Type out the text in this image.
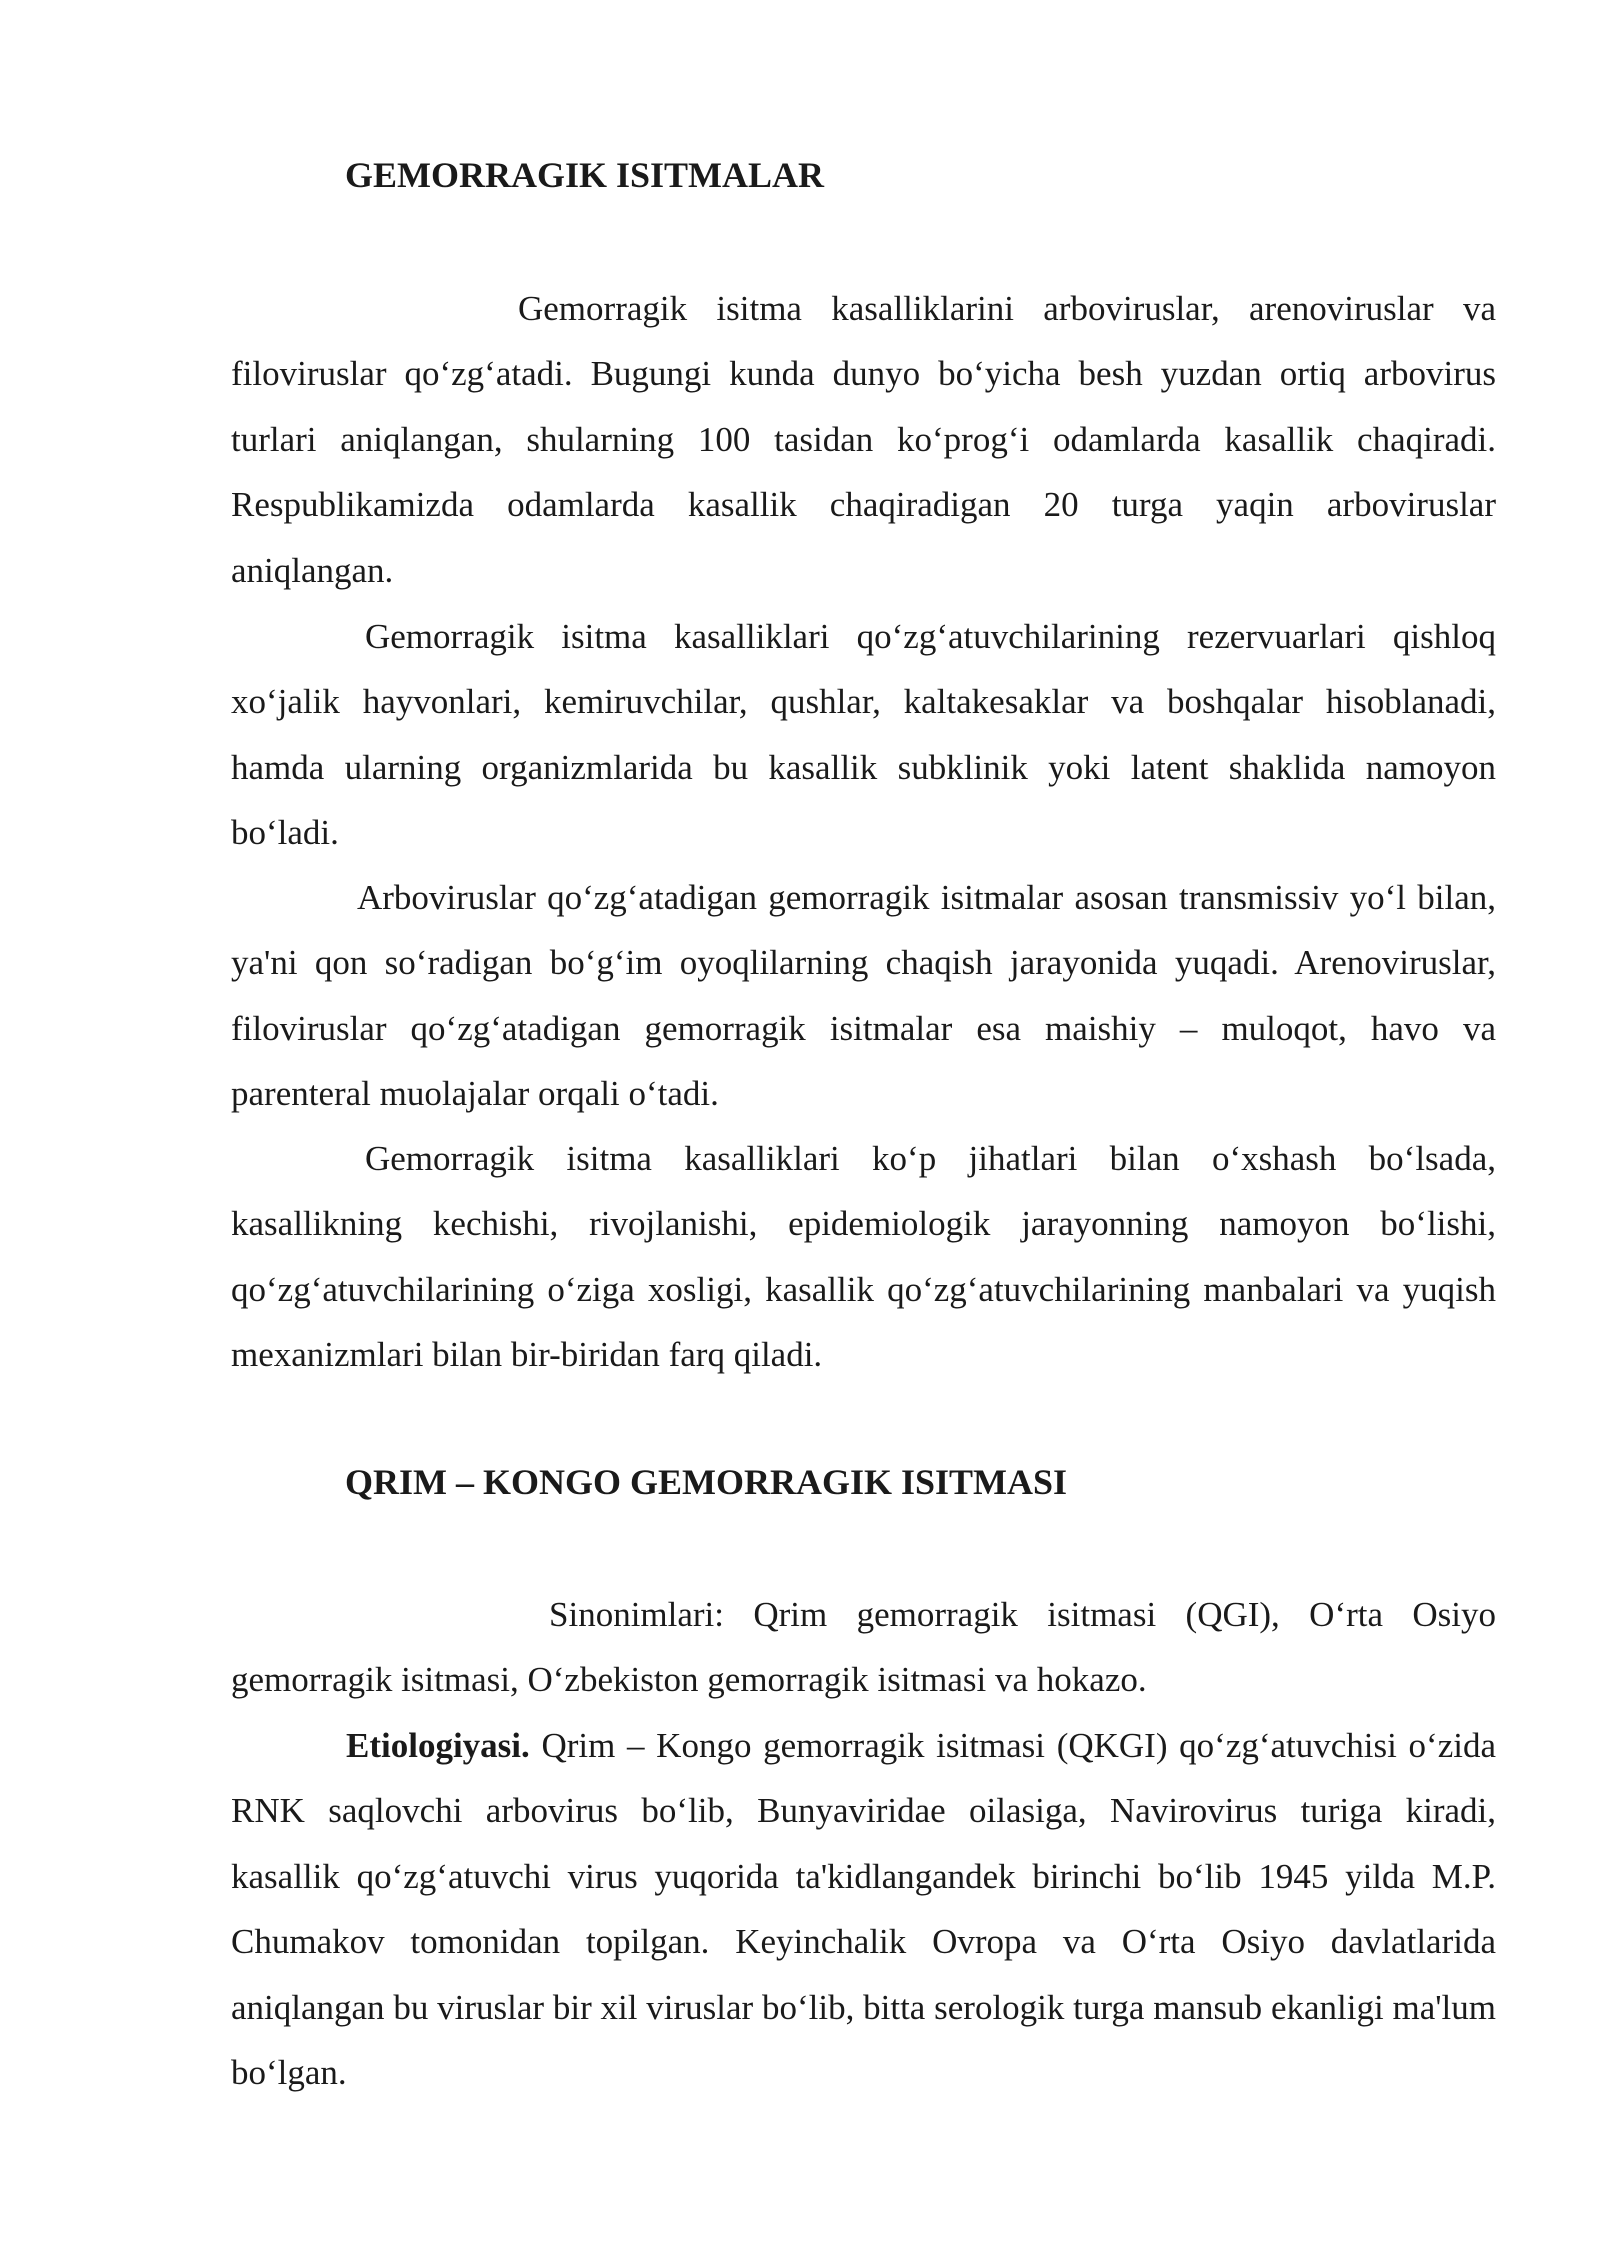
GEMORRAGIK ISITMALAR

Gemorragik isitma kasalliklarini arboviruslar, arenoviruslar va filoviruslar qo‘zg‘atadi. Bugungi kunda dunyo bo‘yicha besh yuzdan ortiq arbovirus turlari aniqlangan, shularning 100 tasidan ko‘prog‘i odamlarda kasallik chaqiradi. Respublikamizda odamlarda kasallik chaqiradigan 20 turga yaqin arboviruslar aniqlangan.

Gemorragik isitma kasalliklari qo‘zg‘atuvchilarining rezervuarlari qishloq xo‘jalik hayvonlari, kemiruvchilar, qushlar, kaltakesaklar va boshqalar hisoblanadi, hamda ularning organizmlarida bu kasallik subklinik yoki latent shaklida namoyon bo‘ladi.

Arboviruslar qo‘zg‘atadigan gemorragik isitmalar asosan transmissiv yo‘l bilan, ya'ni qon so‘radigan bo‘g‘im oyoqlilarning chaqish jarayonida yuqadi. Arenoviruslar, filoviruslar qo‘zg‘atadigan gemorragik isitmalar esa maishiy – muloqot, havo va parenteral muolajalar orqali o‘tadi.

Gemorragik isitma kasalliklari ko‘p jihatlari bilan o‘xshash bo‘lsada, kasallikning kechishi, rivojlanishi, epidemiologik jarayonning namoyon bo‘lishi, qo‘zg‘atuvchilarining o‘ziga xosligi, kasallik qo‘zg‘atuvchilarining manbalari va yuqish mexanizmlari bilan bir-biridan farq qiladi.

QRIM – KONGO GEMORRAGIK ISITMASI

Sinonimlari: Qrim gemorragik isitmasi (QGI), O‘rta Osiyo gemorragik isitmasi, O‘zbekiston gemorragik isitmasi va hokazo.

Etiologiyasi. Qrim – Kongo gemorragik isitmasi (QKGI) qo‘zg‘atuvchisi o‘zida RNK saqlovchi arbovirus bo‘lib, Bunyaviridae oilasiga, Navirovirus turiga kiradi, kasallik qo‘zg‘atuvchi virus yuqorida ta'kidlangandek birinchi bo‘lib 1945 yilda M.P. Chumakov tomonidan topilgan. Keyinchalik Ovropa va O‘rta Osiyo davlatlarida aniqlangan bu viruslar bir xil viruslar bo‘lib, bitta serologik turga mansub ekanligi ma'lum bo‘lgan.
